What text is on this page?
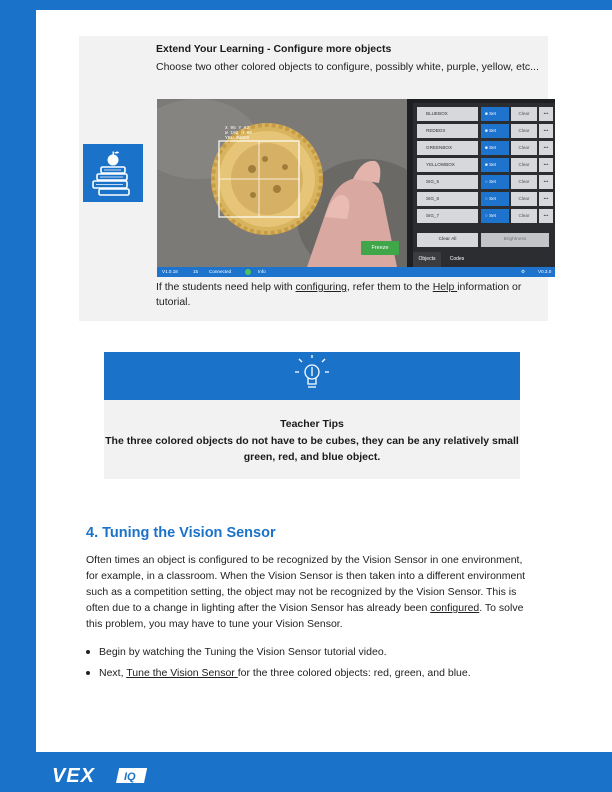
Extend Your Learning - Configure more objects
Choose two other colored objects to configure, possibly white, purple, yellow, etc...
If the students need help with configuring, refer them to the Help information or tutorial.
X 95 Y 62
W 102 H 98
YELLOWBOX
Freeze
BLUEBOX	■ Set	Clear	•••
REDBOX	■ Set	Clear	•••
GREENBOX	■ Set	Clear	•••
YELLOWBOX	■ Set	Clear	•••
SIG_5	○ Set	Clear	•••
SIG_6	○ Set	Clear	•••
SIG_7	○ Set	Clear	•••
Clear All	Brightness
Objects	Codes
V1.0.18	15 Connected	Info	⚙	V0.3.0
Teacher Tips
The three colored objects do not have to be cubes, they can be any relatively small green, red, and blue object.
4. Tuning the Vision Sensor
Often times an object is configured to be recognized by the Vision Sensor in one environment, for example, in a classroom. When the Vision Sensor is then taken into a different environment such as a competition setting, the object may not be recognized by the Vision Sensor. This is often due to a change in lighting after the Vision Sensor has already been configured. To solve this problem, you may have to tune your Vision Sensor.
Begin by watching the Tuning the Vision Sensor tutorial video.
Next, Tune the Vision Sensor for the three colored objects: red, green, and blue.
VEX	IQ
